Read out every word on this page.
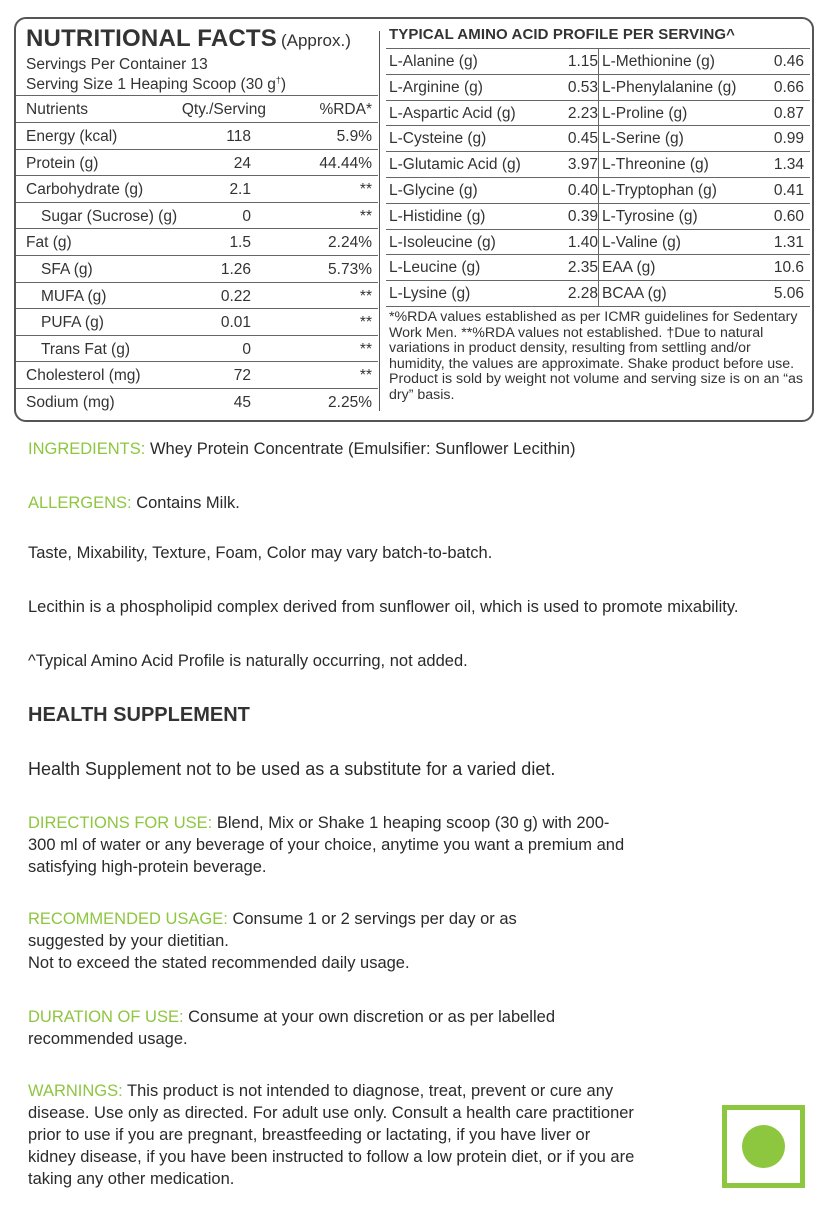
NUTRITIONAL FACTS (Approx.)
Servings Per Container 13
Serving Size 1 Heaping Scoop (30 g†)
Nutrients	Qty./Serving	%RDA*
Energy (kcal)	118	5.9%
Protein (g)	24	44.44%
Carbohydrate (g)	2.1	**
Sugar (Sucrose) (g)	0	**
Fat (g)	1.5	2.24%
SFA (g)	1.26	5.73%
MUFA (g)	0.22	**
PUFA (g)	0.01	**
Trans Fat (g)	0	**
Cholesterol (mg)	72	**
Sodium (mg)	45	2.25%
TYPICAL AMINO ACID PROFILE PER SERVING^
L-Alanine (g)	1.15 L-Methionine (g)	0.46
L-Arginine (g)	0.53 L-Phenylalanine (g) 0.66
L-Aspartic Acid (g)	2.23 L-Proline (g)	0.87
L-Cysteine (g)	0.45 L-Serine (g)	0.99
L-Glutamic Acid (g)	3.97 L-Threonine (g)	1.34
L-Glycine (g)	0.40 L-Tryptophan (g)	0.41
L-Histidine (g)	0.39 L-Tyrosine (g)	0.60
L-Isoleucine (g)	1.40 L-Valine (g)	1.31
L-Leucine (g)	2.35 EAA (g)	10.6
L-Lysine (g)	2.28 BCAA (g)	5.06
*%RDA values established as per ICMR guidelines for Sedentary Work Men. **%RDA values not established. †Due to natural variations in product density, resulting from settling and/or humidity, the values are approximate. Shake product before use. Product is sold by weight not volume and serving size is on an “as dry” basis.
INGREDIENTS: Whey Protein Concentrate (Emulsifier: Sunflower Lecithin)
ALLERGENS: Contains Milk.
Taste, Mixability, Texture, Foam, Color may vary batch-to-batch.
Lecithin is a phospholipid complex derived from sunflower oil, which is used to promote mixability.
^Typical Amino Acid Profile is naturally occurring, not added.
HEALTH SUPPLEMENT
Health Supplement not to be used as a substitute for a varied diet.
DIRECTIONS FOR USE: Blend, Mix or Shake 1 heaping scoop (30 g) with 200-300 ml of water or any beverage of your choice, anytime you want a premium and satisfying high-protein beverage.
RECOMMENDED USAGE: Consume 1 or 2 servings per day or as suggested by your dietitian.
Not to exceed the stated recommended daily usage.
DURATION OF USE: Consume at your own discretion or as per labelled recommended usage.
WARNINGS: This product is not intended to diagnose, treat, prevent or cure any disease. Use only as directed. For adult use only. Consult a health care practitioner prior to use if you are pregnant, breastfeeding or lactating, if you have liver or kidney disease, if you have been instructed to follow a low protein diet, or if you are taking any other medication.
